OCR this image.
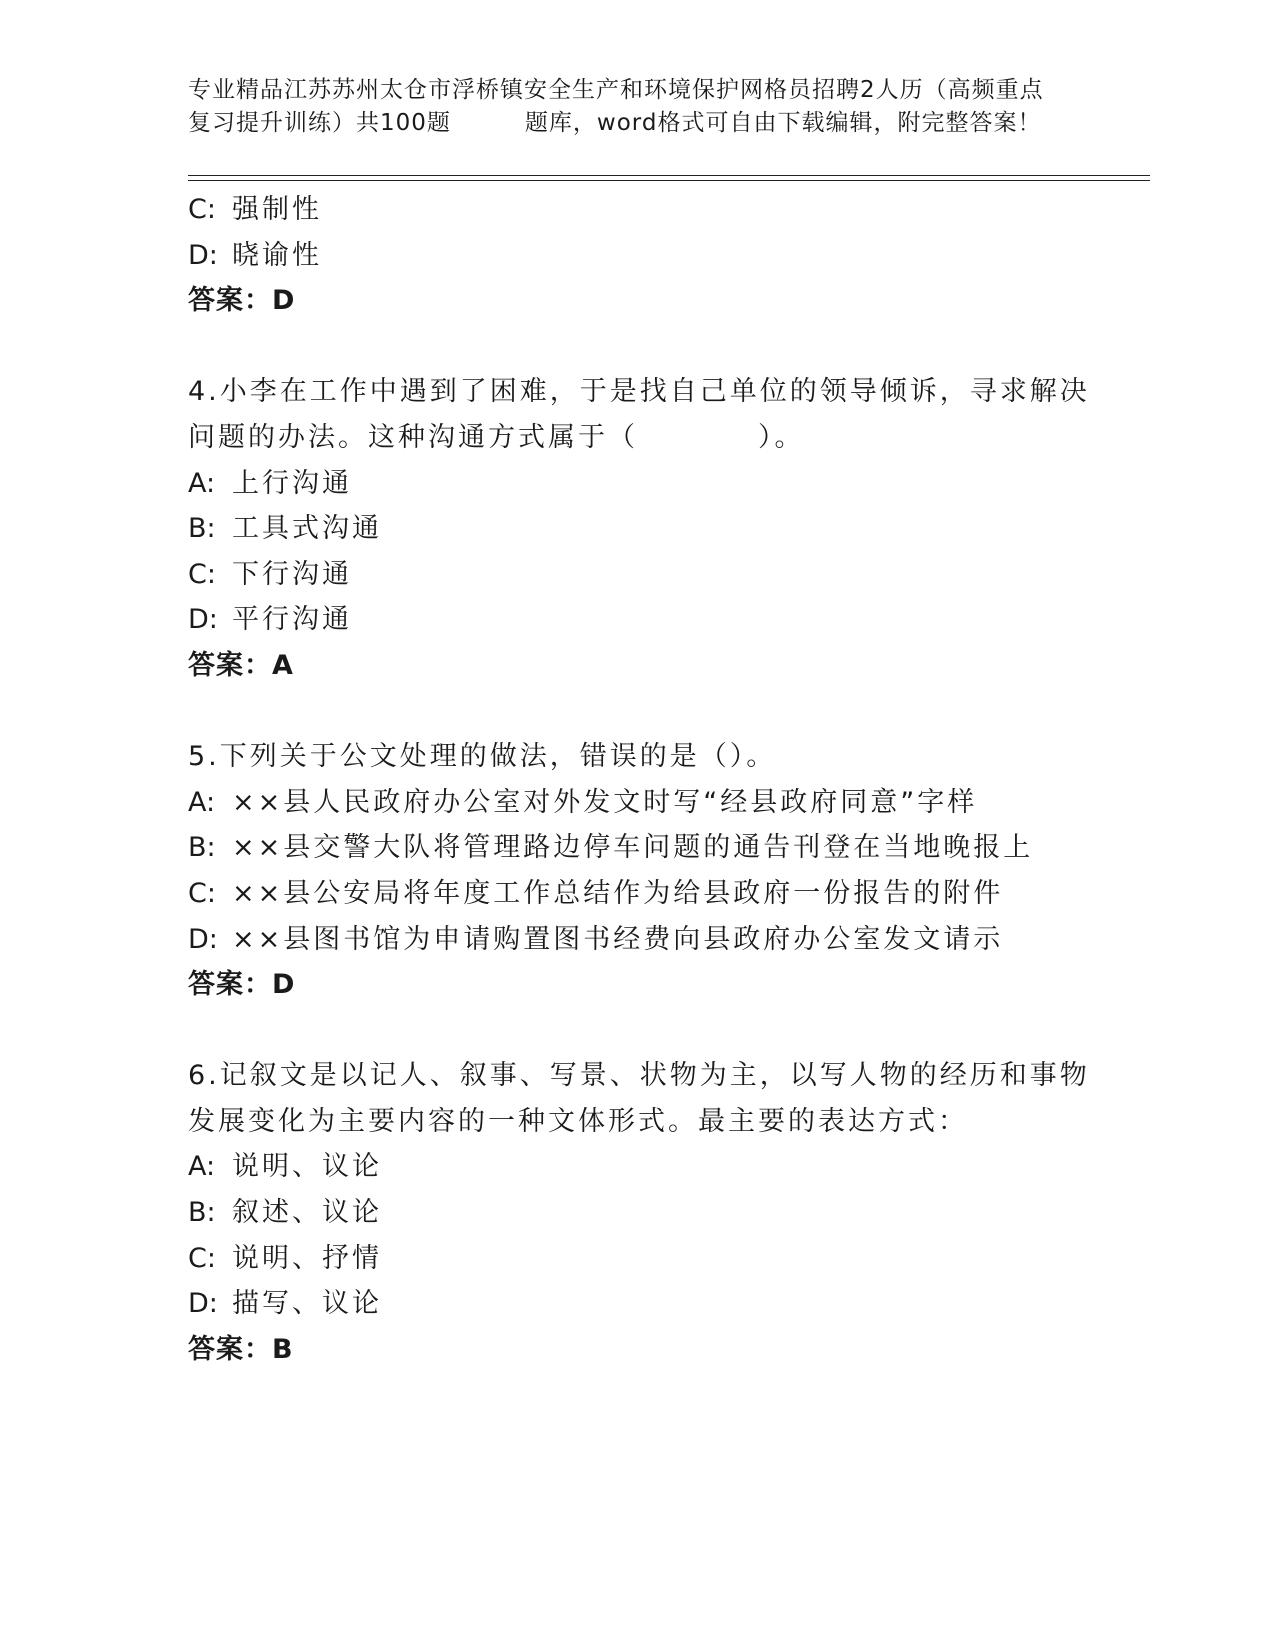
专业精品江苏苏州太仓市浮桥镇安全生产和环境保护网格员招聘2人历（高频重点
复习提升训练）共100题	题库，word格式可自由下载编辑，附完整答案！
C: 强制性
D: 晓谕性
答案：D
4.小李在工作中遇到了困难，于是找自己单位的领导倾诉，寻求解决
问题的办法。这种沟通方式属于（	）。
A: 上行沟通
B: 工具式沟通
C: 下行沟通
D: 平行沟通
答案：A
5.下列关于公文处理的做法，错误的是（）。
A: ××县人民政府办公室对外发文时写“经县政府同意”字样
B: ××县交警大队将管理路边停车问题的通告刊登在当地晚报上
C: ××县公安局将年度工作总结作为给县政府一份报告的附件
D: ××县图书馆为申请购置图书经费向县政府办公室发文请示
答案：D
6.记叙文是以记人、叙事、写景、状物为主，以写人物的经历和事物
发展变化为主要内容的一种文体形式。最主要的表达方式：
A: 说明、议论
B: 叙述、议论
C: 说明、抒情
D: 描写、议论
答案：B
